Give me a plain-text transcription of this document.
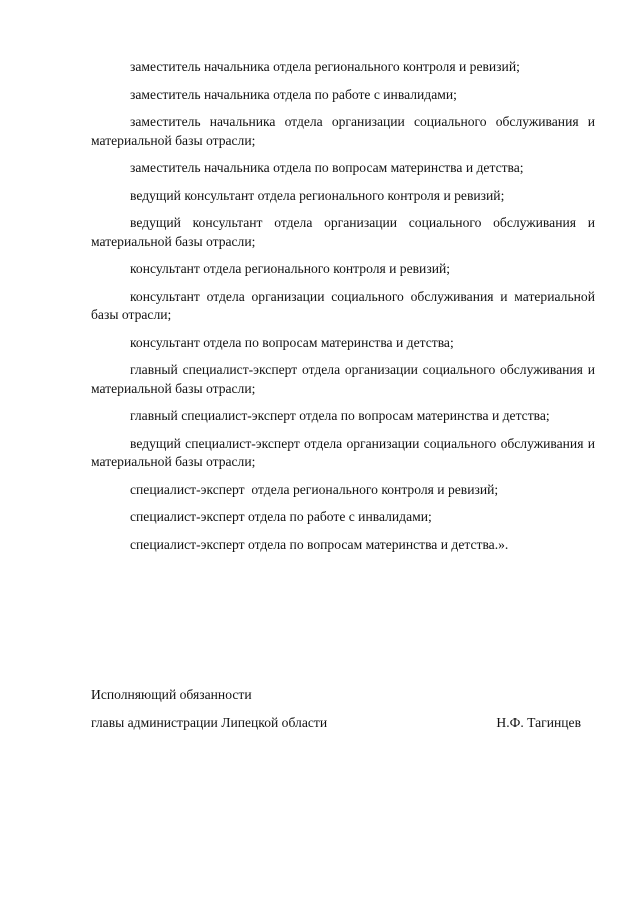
заместитель начальника отдела регионального контроля и ревизий;

заместитель начальника отдела по работе с инвалидами;

заместитель начальника отдела организации социального обслуживания и материальной базы отрасли;

заместитель начальника отдела по вопросам материнства и детства;

ведущий консультант отдела регионального контроля и ревизий;

ведущий консультант отдела организации социального обслуживания и материальной базы отрасли;

консультант отдела регионального контроля и ревизий;

консультант отдела организации социального обслуживания и материальной базы отрасли;

консультант отдела по вопросам материнства и детства;

главный специалист-эксперт отдела организации социального обслуживания и материальной базы отрасли;

главный специалист-эксперт отдела по вопросам материнства и детства;

ведущий специалист-эксперт отдела организации социального обслуживания и материальной базы отрасли;

специалист-эксперт  отдела регионального контроля и ревизий;

специалист-эксперт отдела по работе с инвалидами;

специалист-эксперт отдела по вопросам материнства и детства.».

Исполняющий обязанности
главы администрации Липецкой области	Н.Ф. Тагинцев
